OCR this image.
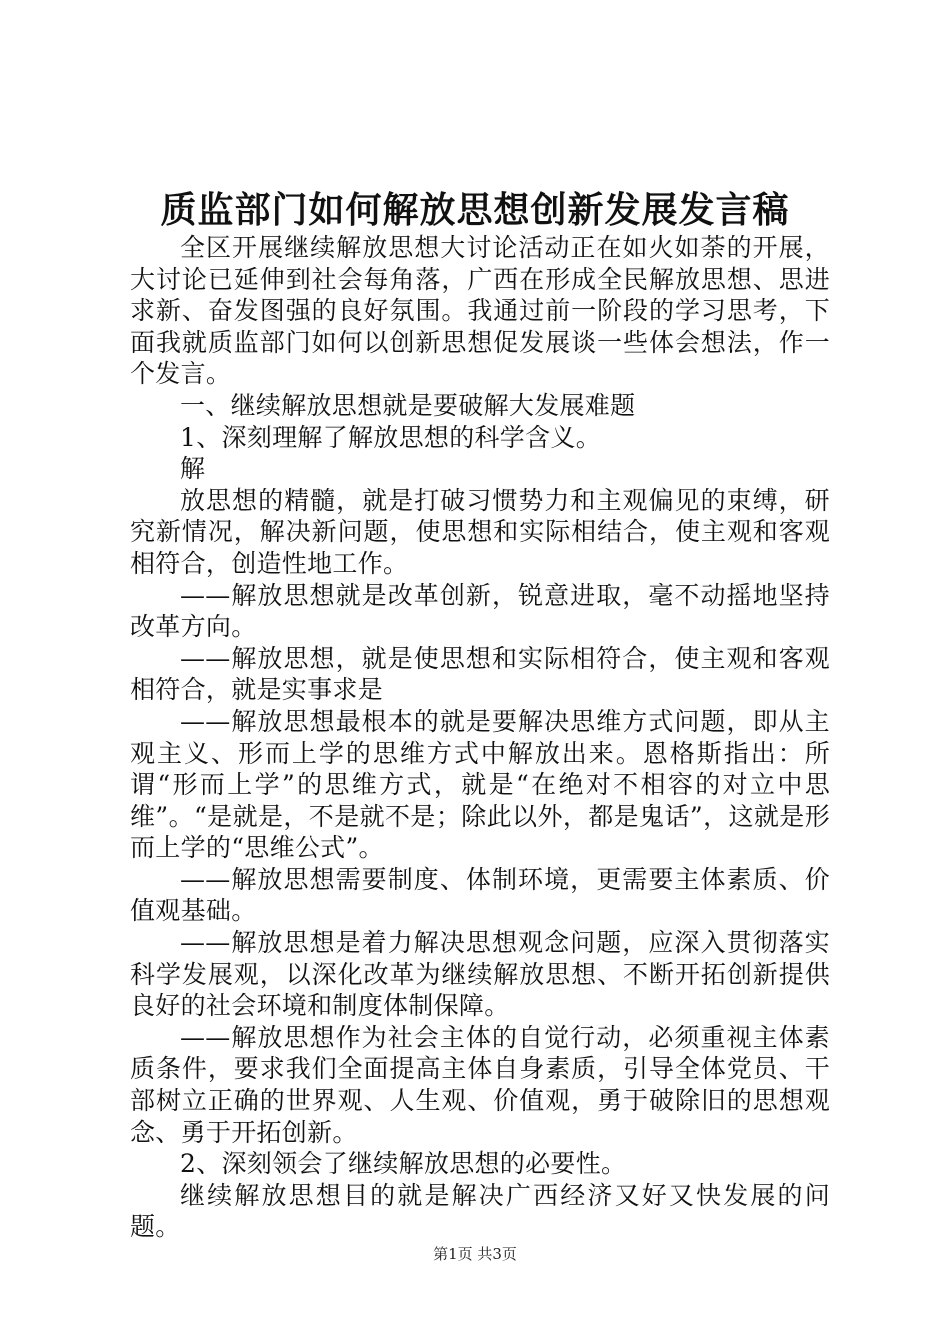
质监部门如何解放思想创新发展发言稿

全区开展继续解放思想大讨论活动正在如火如荼的开展，大讨论已延伸到社会每角落，广西在形成全民解放思想、思进求新、奋发图强的良好氛围。我通过前一阶段的学习思考，下面我就质监部门如何以创新思想促发展谈一些体会想法，作一个发言。

一、继续解放思想就是要破解大发展难题

1、深刻理解了解放思想的科学含义。

解

放思想的精髓，就是打破习惯势力和主观偏见的束缚，研究新情况，解决新问题，使思想和实际相结合，使主观和客观相符合，创造性地工作。

——解放思想就是改革创新，锐意进取，毫不动摇地坚持改革方向。

——解放思想，就是使思想和实际相符合，使主观和客观相符合，就是实事求是

——解放思想最根本的就是要解决思维方式问题，即从主观主义、形而上学的思维方式中解放出来。恩格斯指出：所谓“形而上学”的思维方式，就是“在绝对不相容的对立中思维”。“是就是，不是就不是；除此以外，都是鬼话”，这就是形而上学的“思维公式”。

——解放思想需要制度、体制环境，更需要主体素质、价值观基础。

——解放思想是着力解决思想观念问题，应深入贯彻落实科学发展观，以深化改革为继续解放思想、不断开拓创新提供良好的社会环境和制度体制保障。

——解放思想作为社会主体的自觉行动，必须重视主体素质条件，要求我们全面提高主体自身素质，引导全体党员、干部树立正确的世界观、人生观、价值观，勇于破除旧的思想观念、勇于开拓创新。

2、深刻领会了继续解放思想的必要性。

继续解放思想目的就是解决广西经济又好又快发展的问题。

第1页 共3页
